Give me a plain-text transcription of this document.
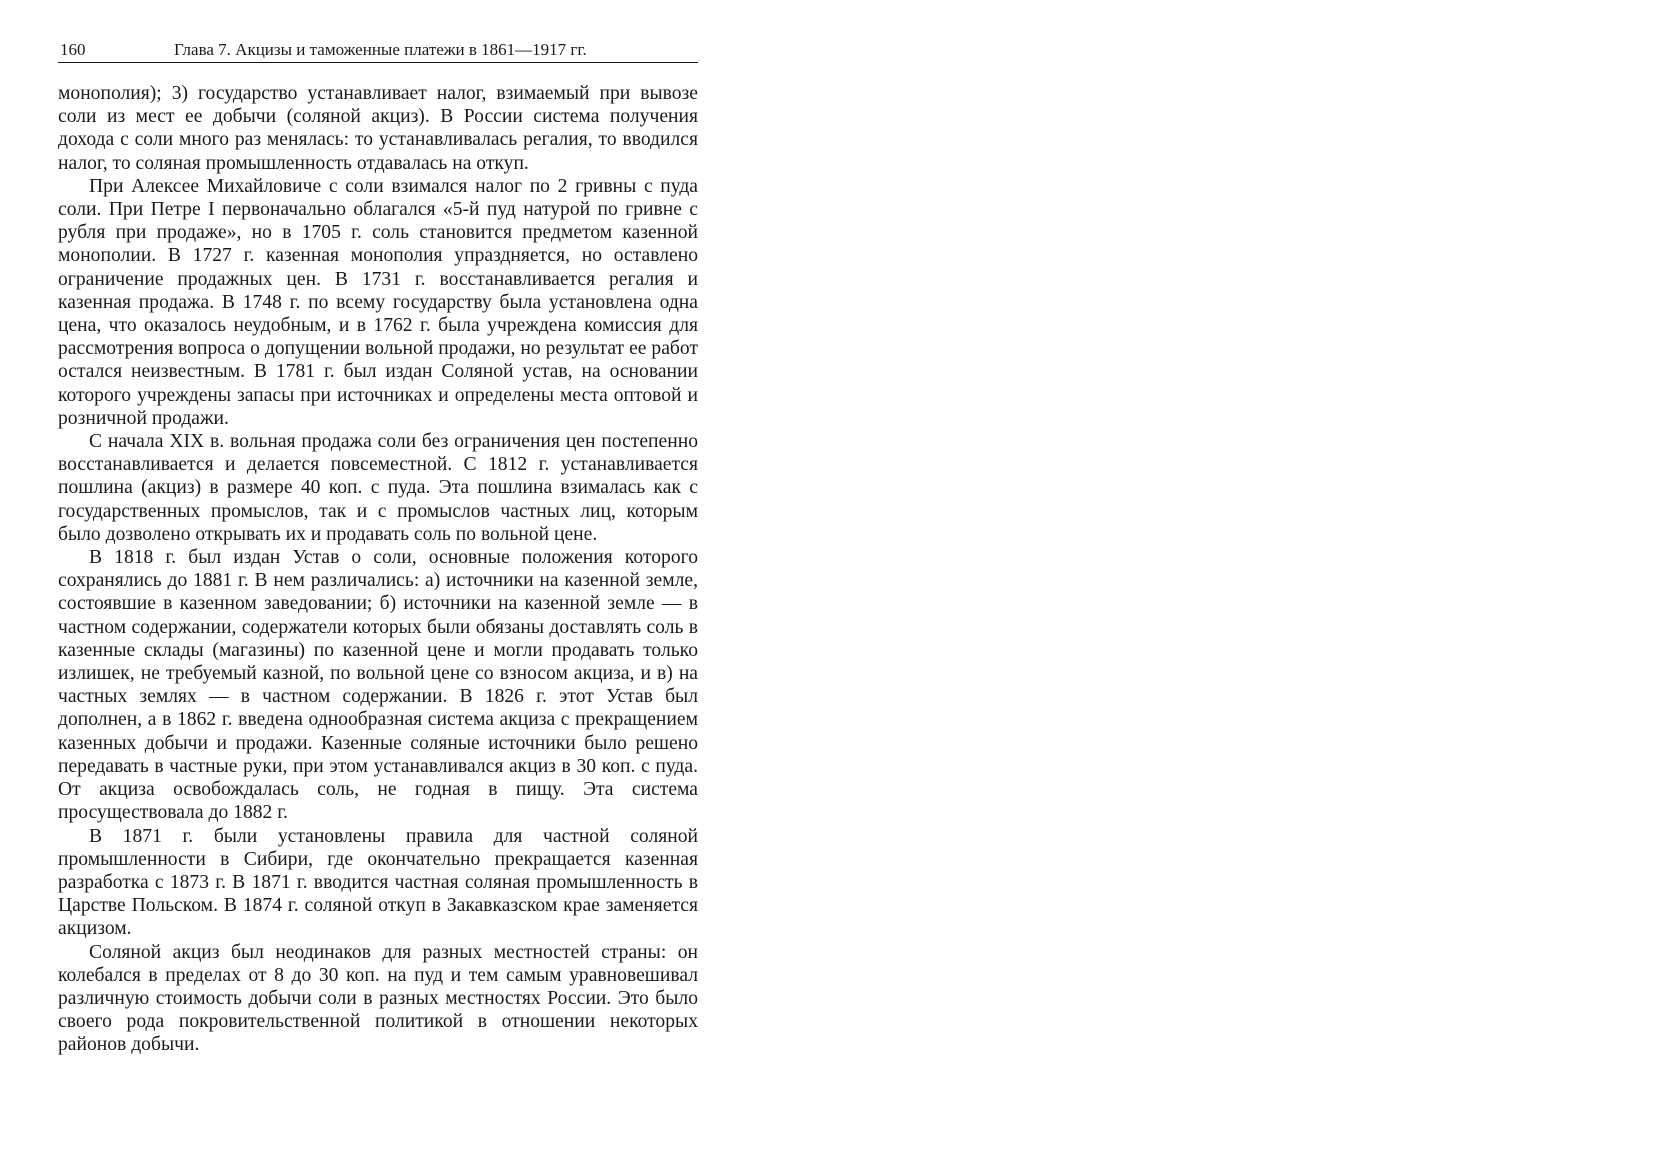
160	Глава 7. Акцизы и таможенные платежи в 1861—1917 гг.

монополия); 3) государство устанавливает налог, взимаемый при вывозе соли из мест ее добычи (соляной акциз). В России система получения дохода с соли много раз менялась: то устанавливалась регалия, то вводился налог, то соляная промышленность отдавалась на откуп.

При Алексее Михайловиче с соли взимался налог по 2 гривны с пуда соли. При Петре I первоначально облагался «5-й пуд натурой по гривне с рубля при продаже», но в 1705 г. соль становится предметом казенной монополии. В 1727 г. казенная монополия упраздняется, но оставлено ограничение продажных цен. В 1731 г. восстанавливается регалия и казенная продажа. В 1748 г. по всему государству была установлена одна цена, что оказалось неудобным, и в 1762 г. была учреждена комиссия для рассмотрения вопроса о допущении вольной продажи, но результат ее работ остался неизвестным. В 1781 г. был издан Соляной устав, на основании которого учреждены запасы при источниках и определены места оптовой и розничной продажи.

С начала XIX в. вольная продажа соли без ограничения цен постепенно восстанавливается и делается повсеместной. С 1812 г. устанавливается пошлина (акциз) в размере 40 коп. с пуда. Эта пошлина взималась как с государственных промыслов, так и с промыслов частных лиц, которым было дозволено открывать их и продавать соль по вольной цене.

В 1818 г. был издан Устав о соли, основные положения которого сохранялись до 1881 г. В нем различались: а) источники на казенной земле, состоявшие в казенном заведовании; б) источники на казенной земле — в частном содержании, содержатели которых были обязаны доставлять соль в казенные склады (магазины) по казенной цене и могли продавать только излишек, не требуемый казной, по вольной цене со взносом акциза, и в) на частных землях — в частном содержании. В 1826 г. этот Устав был дополнен, а в 1862 г. введена однообразная система акциза с прекращением казенных добычи и продажи. Казенные соляные источники было решено передавать в частные руки, при этом устанавливался акциз в 30 коп. с пуда. От акциза освобождалась соль, не годная в пищу. Эта система просуществовала до 1882 г.

В 1871 г. были установлены правила для частной соляной промышленности в Сибири, где окончательно прекращается казенная разработка с 1873 г. В 1871 г. вводится частная соляная промышленность в Царстве Польском. В 1874 г. соляной откуп в Закавказском крае заменяется акцизом.

Соляной акциз был неодинаков для разных местностей страны: он колебался в пределах от 8 до 30 коп. на пуд и тем самым уравновешивал различную стоимость добычи соли в разных местностях России. Это было своего рода покровительственной политикой в отношении некоторых районов добычи.
